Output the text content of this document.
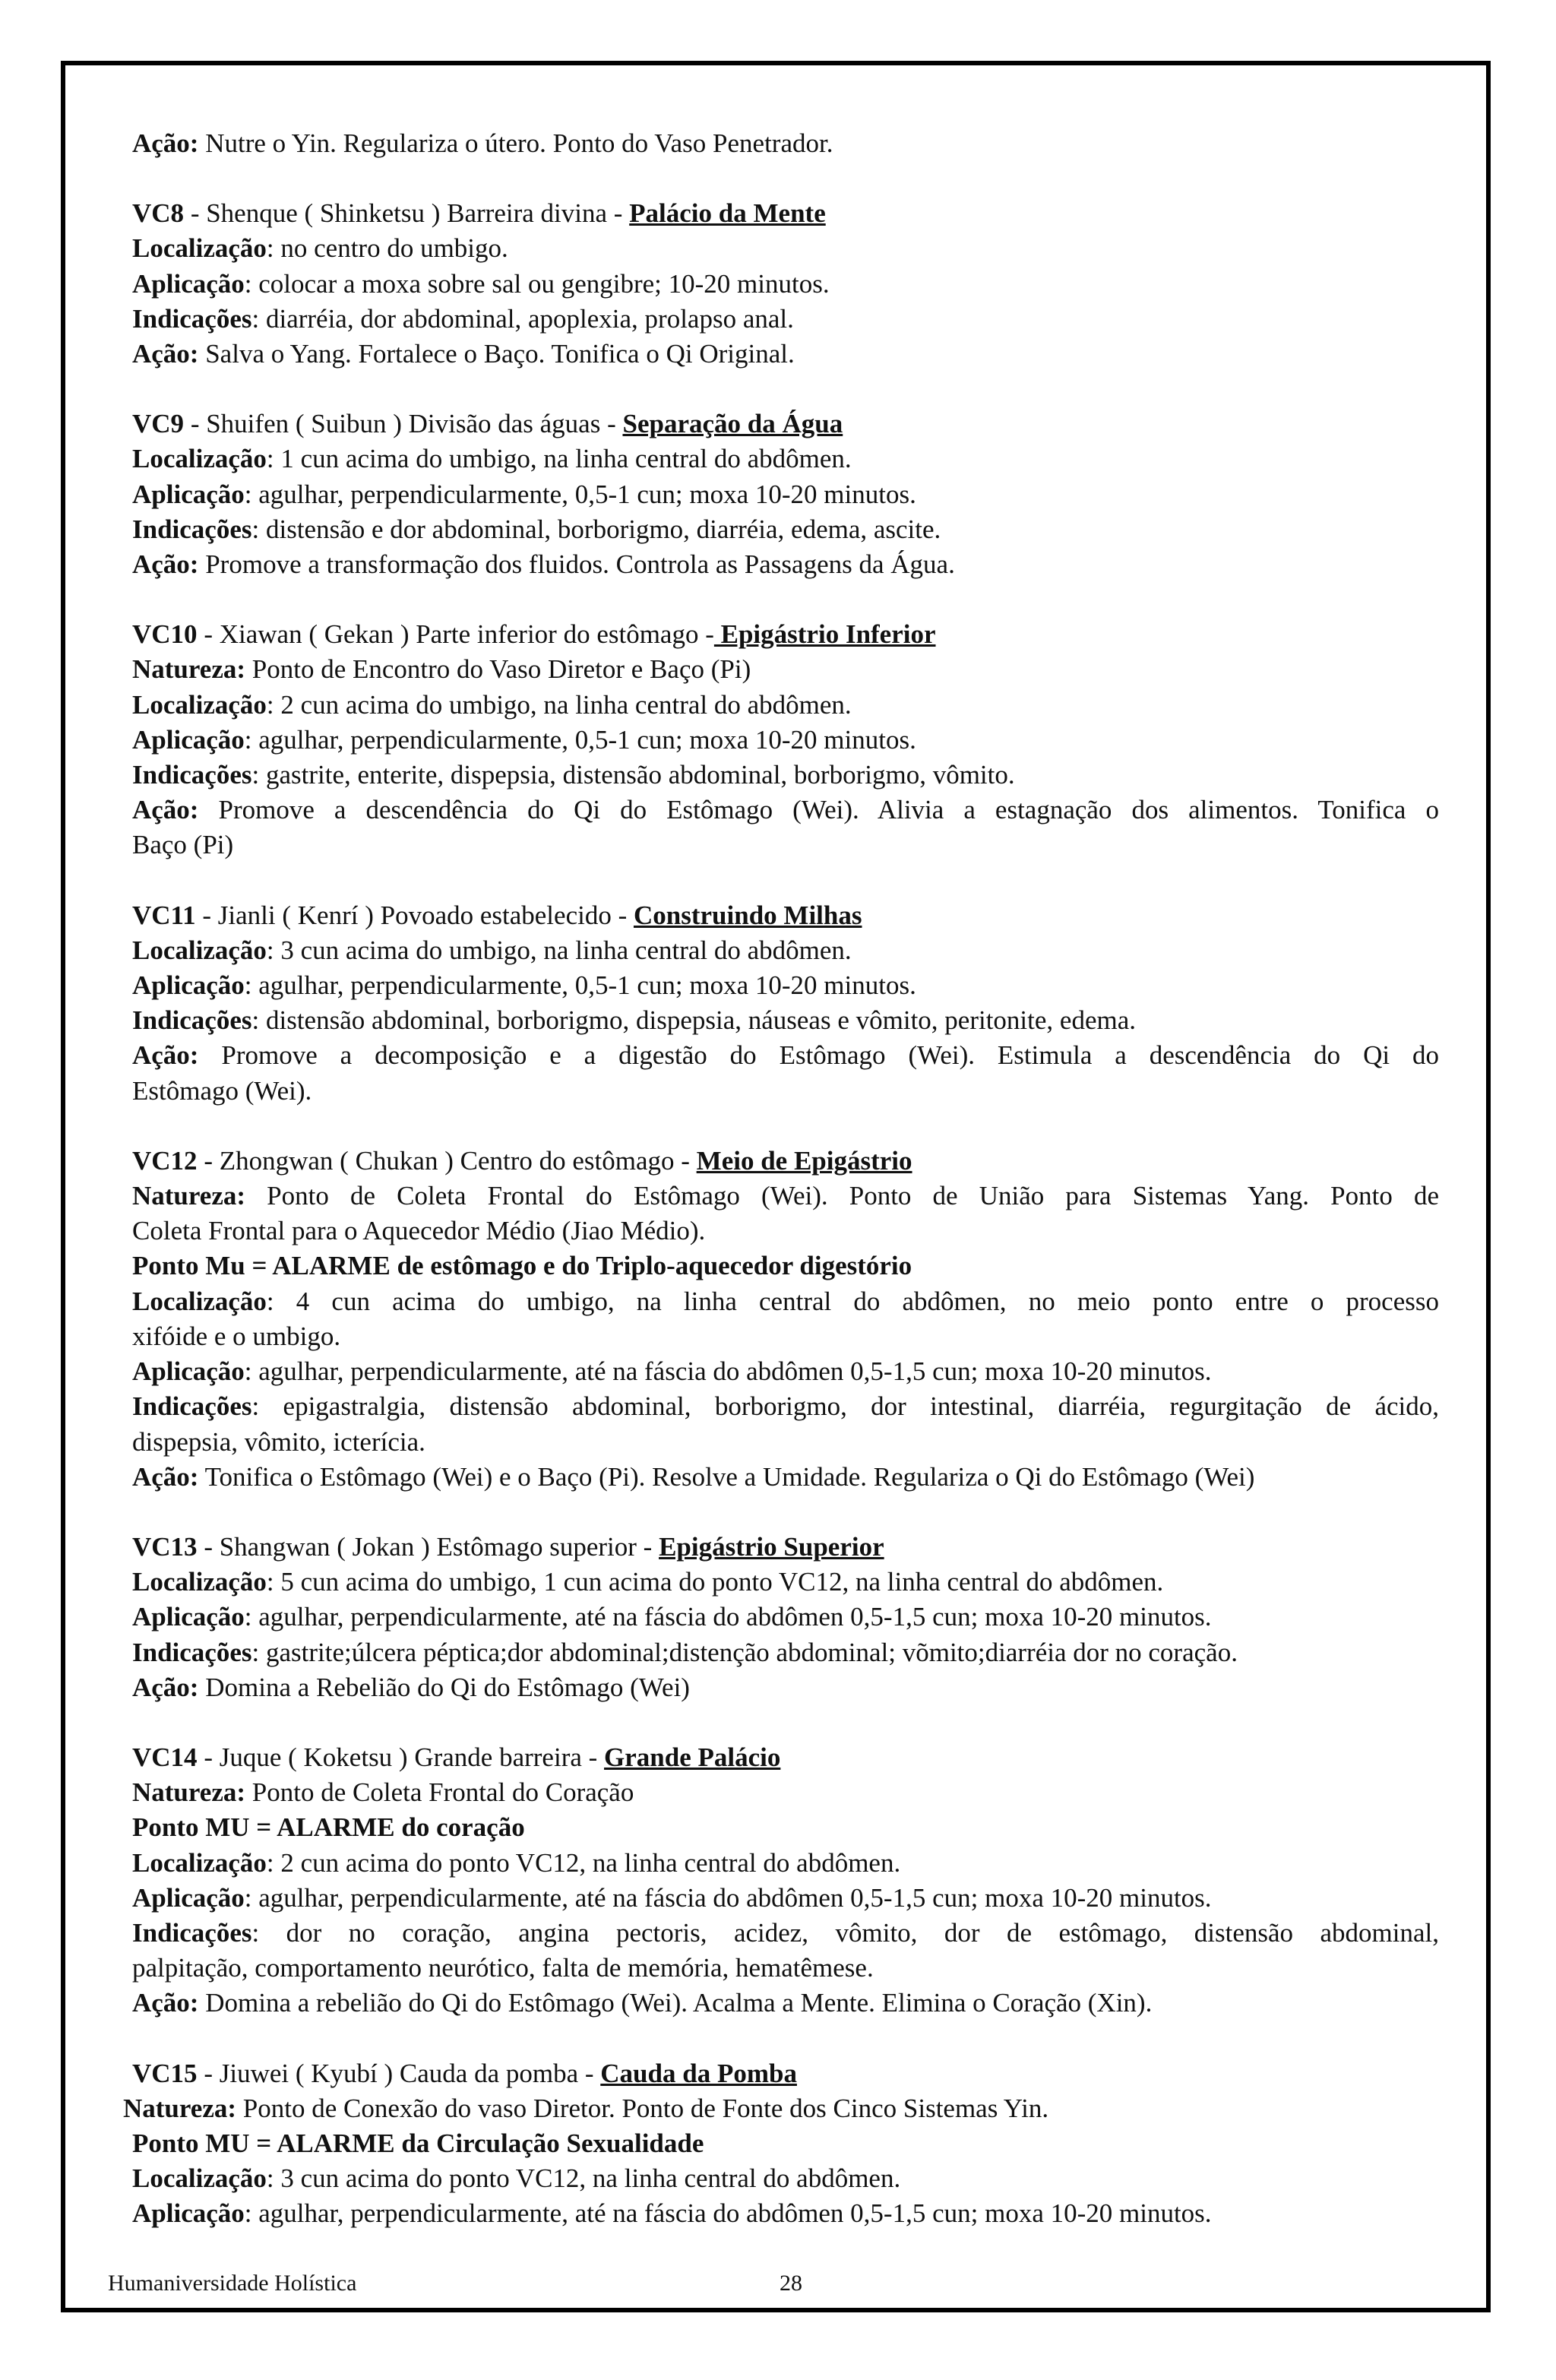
Ação: Nutre o Yin. Regulariza o útero. Ponto do Vaso Penetrador.

VC8 - Shenque ( Shinketsu ) Barreira divina - Palácio da Mente

Localização: no centro do umbigo.

Aplicação: colocar a moxa sobre sal ou gengibre; 10-20 minutos.

Indicações: diarréia, dor abdominal, apoplexia, prolapso anal.

Ação: Salva o Yang. Fortalece o Baço. Tonifica o Qi Original.

VC9 - Shuifen ( Suibun ) Divisão das águas - Separação da Água

Localização: 1 cun acima do umbigo, na linha central do abdômen.

Aplicação: agulhar, perpendicularmente, 0,5-1 cun; moxa 10-20 minutos.

Indicações: distensão e dor abdominal, borborigmo, diarréia, edema, ascite.

Ação: Promove a transformação dos fluidos. Controla as Passagens da Água.

VC10 - Xiawan ( Gekan ) Parte inferior do estômago - Epigástrio Inferior

Natureza: Ponto de Encontro do Vaso Diretor e Baço (Pi)

Localização: 2 cun acima do umbigo, na linha central do abdômen.

Aplicação: agulhar, perpendicularmente, 0,5-1 cun; moxa 10-20 minutos.

Indicações: gastrite, enterite, dispepsia, distensão abdominal, borborigmo, vômito.

Ação: Promove a descendência do Qi do Estômago (Wei). Alivia a estagnação dos alimentos. Tonifica o

Baço (Pi)

VC11 - Jianli ( Kenrí ) Povoado estabelecido - Construindo Milhas

Localização: 3 cun acima do umbigo, na linha central do abdômen.

Aplicação: agulhar, perpendicularmente, 0,5-1 cun; moxa 10-20 minutos.

Indicações: distensão abdominal, borborigmo, dispepsia, náuseas e vômito, peritonite, edema.

Ação: Promove a decomposição e a digestão do Estômago (Wei). Estimula a descendência do Qi do

Estômago (Wei).

VC12 - Zhongwan ( Chukan ) Centro do estômago - Meio de Epigástrio

Natureza: Ponto de Coleta Frontal do Estômago (Wei). Ponto de União para Sistemas Yang. Ponto de

Coleta Frontal para o Aquecedor Médio (Jiao Médio).

Ponto Mu = ALARME de estômago e do Triplo-aquecedor digestório

Localização: 4 cun acima do umbigo, na linha central do abdômen, no meio ponto entre o processo

xifóide e o umbigo.

Aplicação: agulhar, perpendicularmente, até na fáscia do abdômen 0,5-1,5 cun; moxa 10-20 minutos.

Indicações: epigastralgia, distensão abdominal, borborigmo, dor intestinal, diarréia, regurgitação de ácido,

dispepsia, vômito, icterícia.

Ação: Tonifica o Estômago (Wei) e o Baço (Pi). Resolve a Umidade. Regulariza o Qi do Estômago (Wei)

VC13 - Shangwan ( Jokan ) Estômago superior - Epigástrio Superior

Localização: 5 cun acima do umbigo, 1 cun acima do ponto VC12, na linha central do abdômen.

Aplicação: agulhar, perpendicularmente, até na fáscia do abdômen 0,5-1,5 cun; moxa 10-20 minutos.

Indicações: gastrite;úlcera péptica;dor abdominal;distenção abdominal; võmito;diarréia dor no coração.

Ação: Domina a Rebelião do Qi do Estômago (Wei)

VC14 - Juque ( Koketsu ) Grande barreira - Grande Palácio

Natureza: Ponto de Coleta Frontal do Coração

Ponto MU = ALARME do coração

Localização: 2 cun acima do ponto VC12, na linha central do abdômen.

Aplicação: agulhar, perpendicularmente, até na fáscia do abdômen 0,5-1,5 cun; moxa 10-20 minutos.

Indicações: dor no coração, angina pectoris, acidez, vômito, dor de estômago, distensão abdominal,

palpitação, comportamento neurótico, falta de memória, hematêmese.

Ação: Domina a rebelião do Qi do Estômago (Wei). Acalma a Mente. Elimina o Coração (Xin).

VC15 - Jiuwei ( Kyubí ) Cauda da pomba - Cauda da Pomba

Natureza: Ponto de Conexão do vaso Diretor. Ponto de Fonte dos Cinco Sistemas Yin.

Ponto MU = ALARME da Circulação Sexualidade

Localização: 3 cun acima do ponto VC12, na linha central do abdômen.

Aplicação: agulhar, perpendicularmente, até na fáscia do abdômen 0,5-1,5 cun; moxa 10-20 minutos.

Humaniversidade Holística	28
